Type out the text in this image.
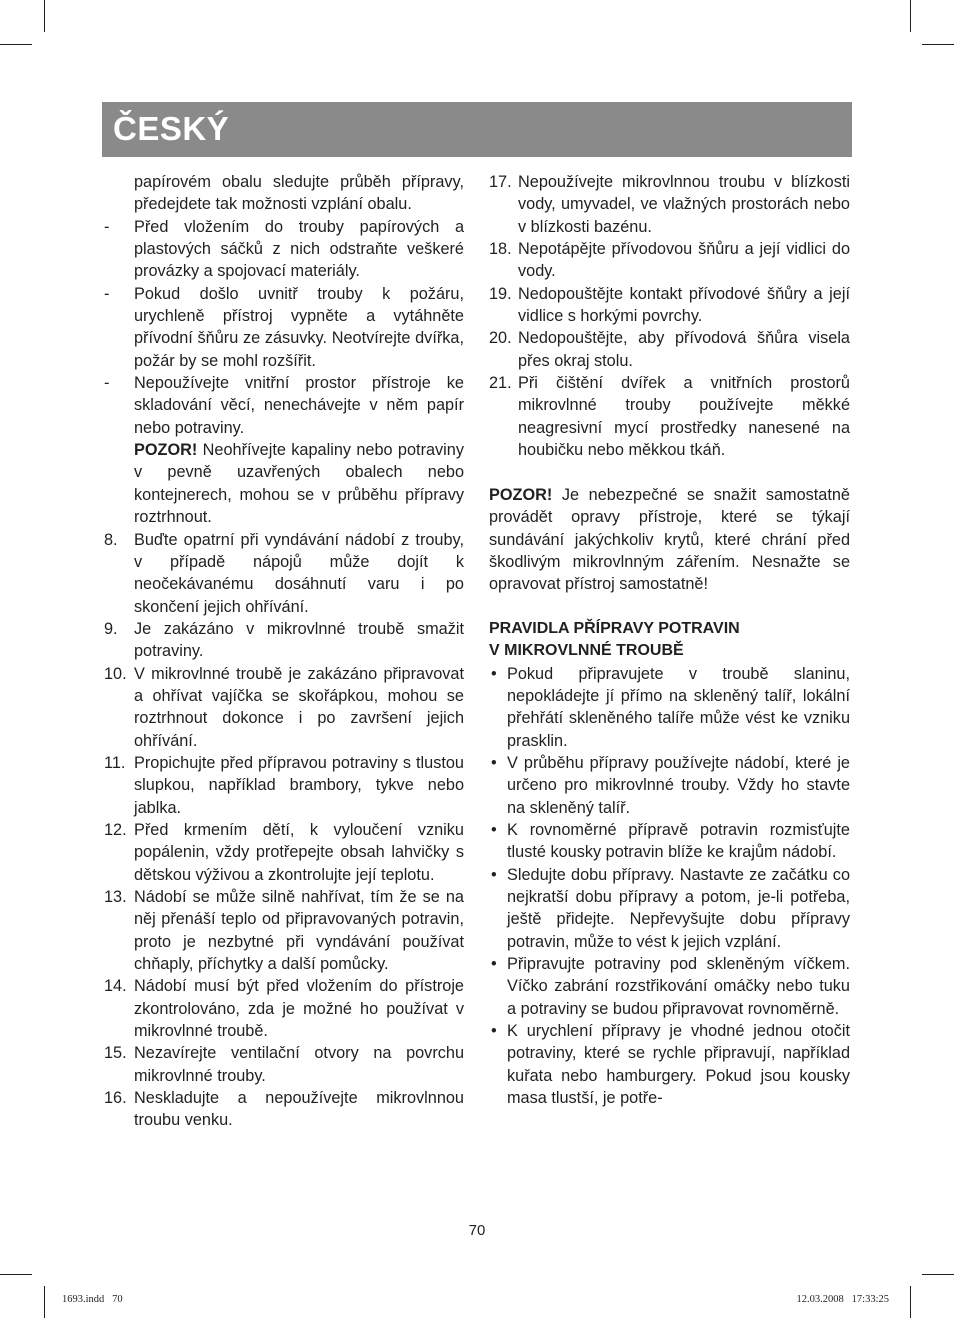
ČESKÝ
papírovém obalu sledujte průběh přípravy, předejdete tak možnosti vzplání obalu.
-	Před vložením do trouby papírových a plastových sáčků z nich odstraňte veškeré provázky a spojovací materiály.
-	Pokud došlo uvnitř trouby k požáru, urychleně přístroj vypněte a vytáhněte přívodní šňůru ze zásuvky. Neotvírejte dvířka, požár by se mohl rozšířit.
-	Nepoužívejte vnitřní prostor přístroje ke skladování věcí, nenechávejte v něm papír nebo potraviny.
POZOR! Neohřívejte kapaliny nebo potraviny v pevně uzavřených obalech nebo kontejnerech, mohou se v průběhu přípravy roztrhnout.
8.	Buďte opatrní při vyndávání nádobí z trouby, v případě nápojů může dojít k neočekávanému dosáhnutí varu i po skončení jejich ohřívání.
9.	Je zakázáno v mikrovlnné troubě smažit potraviny.
10. V mikrovlnné troubě je zakázáno připravovat a ohřívat vajíčka se skořápkou, mohou se roztrhnout dokonce i po završení jejich ohřívání.
11. Propichujte před přípravou potraviny s tlustou slupkou, například brambory, tykve nebo jablka.
12. Před krmením dětí, k vyloučení vzniku popálenin, vždy protřepejte obsah lahvičky s dětskou výživou a zkontrolujte její teplotu.
13. Nádobí se může silně nahřívat, tím že se na něj přenáší teplo od připravovaných potravin, proto je nezbytné při vyndávání používat chňaply, příchytky a další pomůcky.
14. Nádobí musí být před vložením do přístroje zkontrolováno, zda je možné ho používat v mikrovlnné troubě.
15. Nezavírejte ventilační otvory na povrchu mikrovlnné trouby.
16. Neskladujte a nepoužívejte mikrovlnnou troubu venku.
17. Nepoužívejte mikrovlnnou troubu v blízkosti vody, umyvadel, ve vlažných prostorách nebo v blízkosti bazénu.
18. Nepotápějte přívodovou šňůru a její vidlici do vody.
19. Nedopouštějte kontakt přívodové šňůry a její vidlice s horkými povrchy.
20. Nedopouštějte, aby přívodová šňůra visela přes okraj stolu.
21. Při čištění dvířek a vnitřních prostorů mikrovlnné trouby používejte měkké neagresivní mycí prostředky nanesené na houbičku nebo měkkou tkáň.
POZOR! Je nebezpečné se snažit samostatně provádět opravy přístroje, které se týkají sundávání jakýchkoliv krytů, které chrání před škodlivým mikrovlnným zářením. Nesnažte se opravovat přístroj samostatně!
PRAVIDLA PŘÍPRAVY POTRAVIN
V MIKROVLNNÉ TROUBĚ
• Pokud připravujete v troubě slaninu, nepokládejte jí přímo na skleněný talíř, lokální přehřátí skleněného talíře může vést ke vzniku prasklin.
• V průběhu přípravy používejte nádobí, které je určeno pro mikrovlnné trouby. Vždy ho stavte na skleněný talíř.
• K rovnoměrné přípravě potravin rozmisťujte tlusté kousky potravin blíže ke krajům nádobí.
• Sledujte dobu přípravy. Nastavte ze začátku co nejkratší dobu přípravy a potom, je-li potřeba, ještě přidejte. Nepřevyšujte dobu přípravy potravin, může to vést k jejich vzplání.
• Připravujte potraviny pod skleněným víčkem. Víčko zabrání rozstřikování omáčky nebo tuku a potraviny se budou připravovat rovnoměrně.
• K urychlení přípravy je vhodné jednou otočit potraviny, které se rychle připravují, například kuřata nebo hamburgery. Pokud jsou kousky masa tlustší, je potře-
70
1693.indd   70	12.03.2008   17:33:25
